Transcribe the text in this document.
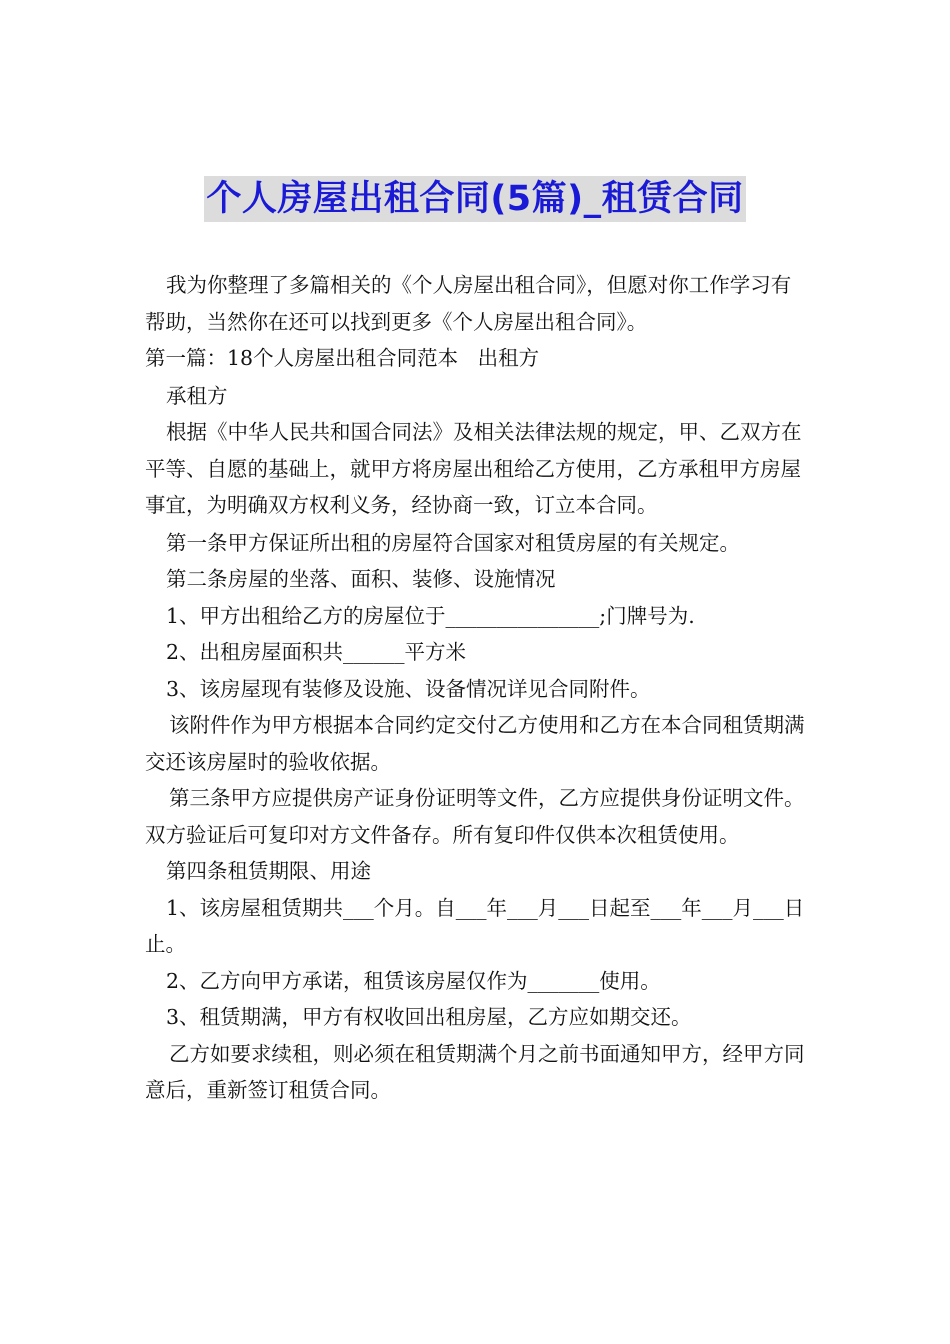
个人房屋出租合同(5篇)_租赁合同

我为你整理了多篇相关的《个人房屋出租合同》，但愿对你工作学习有帮助，当然你在还可以找到更多《个人房屋出租合同》。

第一篇：18个人房屋出租合同范本   出租方

承租方

根据《中华人民共和国合同法》及相关法律法规的规定，甲、乙双方在平等、自愿的基础上，就甲方将房屋出租给乙方使用，乙方承租甲方房屋事宜，为明确双方权利义务，经协商一致，订立本合同。

第一条甲方保证所出租的房屋符合国家对租赁房屋的有关规定。

第二条房屋的坐落、面积、装修、设施情况

1、甲方出租给乙方的房屋位于_______________;门牌号为.

2、出租房屋面积共______平方米

3、该房屋现有装修及设施、设备情况详见合同附件。

该附件作为甲方根据本合同约定交付乙方使用和乙方在本合同租赁期满交还该房屋时的验收依据。

第三条甲方应提供房产证身份证明等文件，乙方应提供身份证明文件。双方验证后可复印对方文件备存。所有复印件仅供本次租赁使用。

第四条租赁期限、用途

1、该房屋租赁期共___个月。自___年___月___日起至___年___月___日止。

2、乙方向甲方承诺，租赁该房屋仅作为_______使用。

3、租赁期满，甲方有权收回出租房屋，乙方应如期交还。

乙方如要求续租，则必须在租赁期满个月之前书面通知甲方，经甲方同意后，重新签订租赁合同。
